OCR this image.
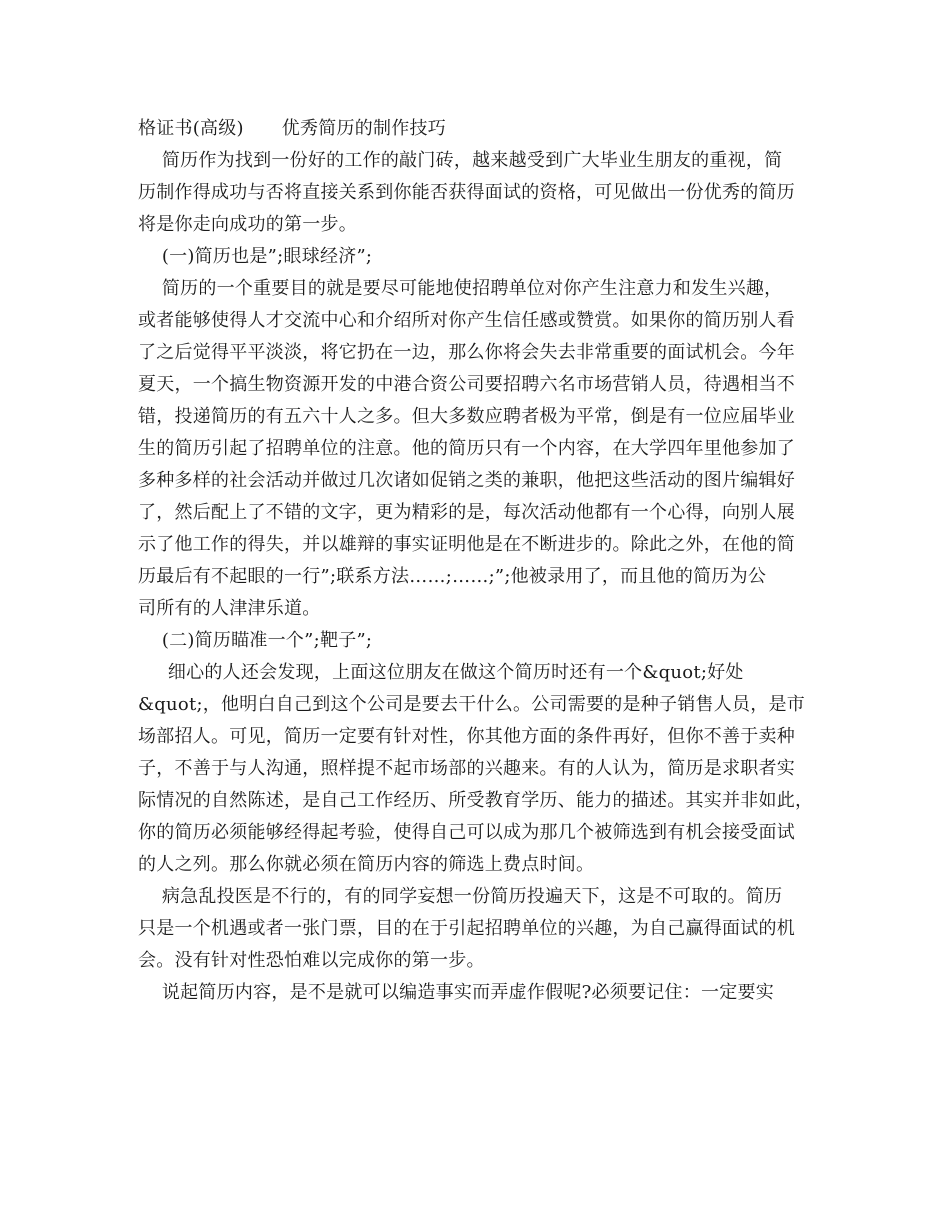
格证书(高级) 优秀简历的制作技巧
简历作为找到一份好的工作的敲门砖，越来越受到广大毕业生朋友的重视，简
历制作得成功与否将直接关系到你能否获得面试的资格，可见做出一份优秀的简历
将是你走向成功的第一步。
(一)简历也是”;眼球经济”;
简历的一个重要目的就是要尽可能地使招聘单位对你产生注意力和发生兴趣，
或者能够使得人才交流中心和介绍所对你产生信任感或赞赏。如果你的简历别人看
了之后觉得平平淡淡，将它扔在一边，那么你将会失去非常重要的面试机会。今年
夏天，一个搞生物资源开发的中港合资公司要招聘六名市场营销人员，待遇相当不
错，投递简历的有五六十人之多。但大多数应聘者极为平常，倒是有一位应届毕业
生的简历引起了招聘单位的注意。他的简历只有一个内容，在大学四年里他参加了
多种多样的社会活动并做过几次诸如促销之类的兼职，他把这些活动的图片编辑好
了，然后配上了不错的文字，更为精彩的是，每次活动他都有一个心得，向别人展
示了他工作的得失，并以雄辩的事实证明他是在不断进步的。除此之外，在他的简
历最后有不起眼的一行”;联系方法……;……;”;他被录用了，而且他的简历为公
司所有的人津津乐道。
(二)简历瞄准一个”;靶子”;
细心的人还会发现，上面这位朋友在做这个简历时还有一个&quot;好处
&quot;，他明白自己到这个公司是要去干什么。公司需要的是种子销售人员，是市
场部招人。可见，简历一定要有针对性，你其他方面的条件再好，但你不善于卖种
子，不善于与人沟通，照样提不起市场部的兴趣来。有的人认为，简历是求职者实
际情况的自然陈述，是自己工作经历、所受教育学历、能力的描述。其实并非如此，
你的简历必须能够经得起考验，使得自己可以成为那几个被筛选到有机会接受面试
的人之列。那么你就必须在简历内容的筛选上费点时间。
病急乱投医是不行的，有的同学妄想一份简历投遍天下，这是不可取的。简历
只是一个机遇或者一张门票，目的在于引起招聘单位的兴趣，为自己赢得面试的机
会。没有针对性恐怕难以完成你的第一步。
说起简历内容，是不是就可以编造事实而弄虚作假呢?必须要记住：一定要实
